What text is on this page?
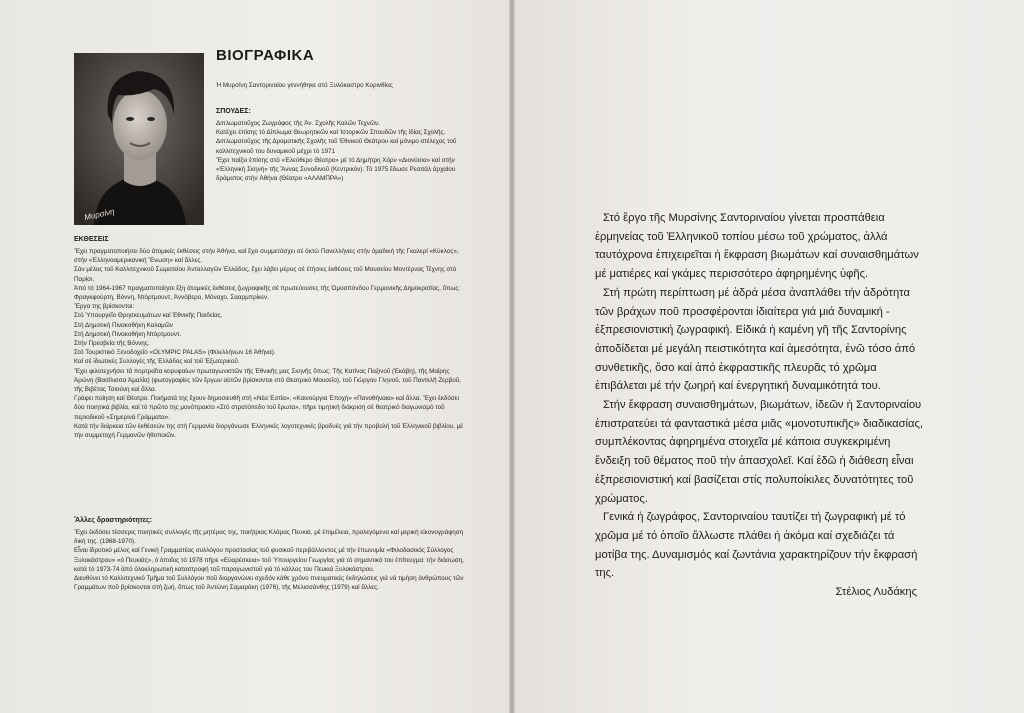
Μυρσίνη
ΒΙΟΓΡΑΦΙΚΑ

Ἡ Μυρσίνη Σαντοριναίου γεννήθηκε στό Ξυλόκαστρο Κορινθίας

ΣΠΟΥΔΕΣ:

Διπλωματοῦχος Ζωγράφος τῆς Ἀν. Σχολῆς Καλῶν Τεχνῶν.

Κατέχει ἐπίσης τό Δίπλωμα Θεωρητικῶν καί Ἱστορικῶν Σπουδῶν τῆς ἰδίας Σχολῆς.

Διπλωματοῦχος τῆς Δραματικῆς Σχολῆς τοῦ Ἐθνικοῦ Θεάτρου καί μόνιμο στέλεχος τοῦ καλλιτεχνικοῦ του δυναμικοῦ μέχρι τό 1971

Ἔχει παίξει ἐπίσης στό «Ἐλεύθερο Θέατρο» μέ τό Δημήτρη Χόρν «Διονύσια» καί στήν «Ἑλληνική Σκηνή» τῆς Ἄννας Συνοδινοῦ (Κεντρικόν). Τό 1975 ἔδωσε Ρεσιτάλ ἀρχαίου δράματος στήν Ἀθήνα (Θέατρο «ΑΛΑΜΠΡΑ»)

ΕΚΘΕΣΕΙΣ

Ἔχει πραγματοποιήσει δύο ἀτομικές ἐκθέσεις στήν Ἀθήνα, καί ἔχει συμμετάσχει σέ ὀκτώ Πανελλήνιες στήν ὁμαδική τῆς Γκαλερί «Κύκλος», στήν «Ἑλληνοαμερικανική Ἕνωση» καί ἄλλες.

Σάν μέλος τοῦ Καλλιτεχνικοῦ Σωματείου Ἀνταλλαγῶν Ἑλλάδος, ἔχει λάβει μέρος σέ ἐτήσιες ἐκθέσεις τοῦ Μουσείου Μοντέρνας Τέχνης στό Παρίσι.

Ἀπό τό 1964-1967 πραγματοποίησε ἕξη ἀτομικές ἐκθέσεις ζωγραφικῆς σέ πρωτεύουσες τῆς Ὁμοσπόνδου Γερμανικῆς Δημοκρατίας, ὅπως: Φραγκφούρτη, Βόννη, Ντόρτμουντ, Ἀννόβερο, Μόναχο, Σααρμπρίκεν.

Ἔργα της βρίσκονται:

Στό Ὑπουργεῖο Θρησκευμάτων καί Ἐθνικῆς Παιδείας.

Στή Δημοτική Πινακοθήκη Καλαμῶν

Στή Δημοτική Πινακοθήκη Ντόρτμουντ.

Στήν Πρεσβεία τῆς Βόννης.

Στό Τουριστικό Ξενοδοχεῖο «OLYMPIC PALAS» (Φιλελλήνων 16 Ἀθήνα).

Καί σέ ἰδιωτικές Συλλογές τῆς Ἑλλάδος καί τοῦ Ἐξωτερικοῦ.

Ἔχει φιλοτεχνήσει τά πορτραῖτα κορυφαίων πρωταγωνιστῶν τῆς Ἐθνικῆς μας Σκηνῆς ὅπως: Τῆς Κατίνας Παξινοῦ (Ἐκάβη), τῆς Μαίρης Ἀρώνη (Βασίλισσα Ἀμαλία) (φωτογραφίες τῶν ἔργων αὐτῶν βρίσκονται στό Θεατρικό Μουσεῖο), τοῦ Γιώργου Γληνοῦ, τοῦ Παντελῆ Ζερβοῦ, τῆς Βιβέτας Τσιούνη καί ἄλλα.

Γράφει ποίηση καί Θέατρο. Ποιήματά της ἔχουν δημοσιευθῆ στή «Νέα Ἑστία», «Καινούργια Ἐποχή» «Πανοθήναια» καί ἄλλα. Ἔχει ἐκδόσει δύο ποιητικά βιβλία, καί τό πρῶτο της μονόπρακτο «Στό στρατόπεδο τοῦ ἔρωτα», πῆρε τιμητική διάκριση σέ θεατρικό διαγωνισμό τοῦ περιοδικοῦ «Σημερινά Γράμματα».

Κατά τήν διάρκεια τῶν ἐκθέσεών της στή Γερμανία διοργάνωσε Ἑλληνικές λογοτεχνικές βραδυές γιά τήν προβολή τοῦ Ἑλληνικοῦ βιβλίου, μέ τήν συμμετοχή Γερμανῶν ἠθοποιῶν.

Ἄλλες δραστηριότητες:

Ἔχει ἐκδόσει τέσσερις ποιητικές συλλογές τῆς μητέρας της, ποιήτριας Κλάρας Πευκιά, μέ ἐπιμέλεια, προλεγόμενα καί μερική εἰκονογράφηση δική της. (1968-1970).

Εἶναι ἰδρυτικό μέλος καί Γενική Γραμματέας συλλόγου προστασίας τοῦ φυσικοῦ περιβάλλοντος μέ τήν ἐπωνυμία «Φιλοδασικός Σύλλογος Ξυλοκάστρου» «ὁ Πευκιάς», ὁ ὁποῖος τό 1978 πῆρε «Εὐαρέσκεια» τοῦ Ὑπουργείου Γεωργίας γιά τό σημαντικό του ἐπίτευγμα: τήν διάσωση, κατά τό 1973-74 ἀπό ὁλοκληρωτική καταστροφή τοῦ παραγωνιστοῦ γιά τό κάλλος του Πευκιά Ξυλοκάστρου.

Διευθύνει τό Καλλιτεχνικό Τμῆμα τοῦ Συλλόγου ποῦ διοργανώνει σχεδόν κάθε χρόνο πνευματικές ἐκδηλώσεις γιά νά τιμήση ἀνθρώπους τῶν Γραμμάτων ποῦ βρίσκονται στή ζωή, ὅπως τοῦ Ἀντώνη Σαμαράκη (1976), τῆς Μελισσάνθης (1979) καί ἄλλες.

Στό ἔργο τῆς Μυρσίνης Σαντοριναίου γίνεται προσπάθεια ἑρμηνείας τοῦ Ἑλληνικοῦ τοπίου μέσω τοῦ χρώματος, ἀλλά ταυτόχρονα ἐπιχειρεῖται ἡ ἔκφραση βιωμάτων καί συναισθημάτων μέ ματιέρες καί γκάμες περισσότερο ἀφηρημένης ὑφῆς.

Στή πρώτη περίπτωση μέ ἁδρά μέσα ἀναπλάθει τήν ἁδρότητα τῶν βράχων ποῦ προσφέρονται ἰδιαίτερα γιά μιά δυναμική - ἐξπρεσιονιστική ζωγραφική. Εἰδικά ἡ καμένη γῆ τῆς Σαντορίνης ἀποδίδεται μέ μεγάλη πειστικότητα καί ἀμεσότητα, ἐνῶ τόσο ἀπό συνθετικῆς, ὅσο καί ἀπό ἐκφραστικῆς πλευρᾶς τό χρῶμα ἐπιβάλεται μέ τήν ζωηρή καί ἐνεργητική δυναμικότητά του.

Στήν ἔκφραση συναισθημάτων, βιωμάτων, ἰδεῶν ἡ Σαντοριναίου ἐπιστρατεύει τά φανταστικά μέσα μιᾶς «μονοτυπικῆς» διαδικασίας, συμπλέκοντας ἀφηρημένα στοιχεῖα μέ κάποια συγκεκριμένη ἔνδειξη τοῦ θέματος ποῦ τήν ἀπασχολεῖ. Καί ἐδῶ ἡ διάθεση εἶναι ἐξπρεσιονιστική καί βασίζεται στίς πολυποίκιλες δυνατότητες τοῦ χρώματος.

Γενικά ἡ ζωγράφος, Σαντοριναίου ταυτίζει τή ζωγραφική μέ τό χρῶμα μέ τό ὁποῖο ἄλλωστε πλάθει ἡ ἀκόμα καί σχεδιάζει τά μοτίβα της. Δυναμισμός καί ζωντάνια χαρακτηρίζουν τήν ἔκφρασή της.

Στέλιος Λυδάκης
